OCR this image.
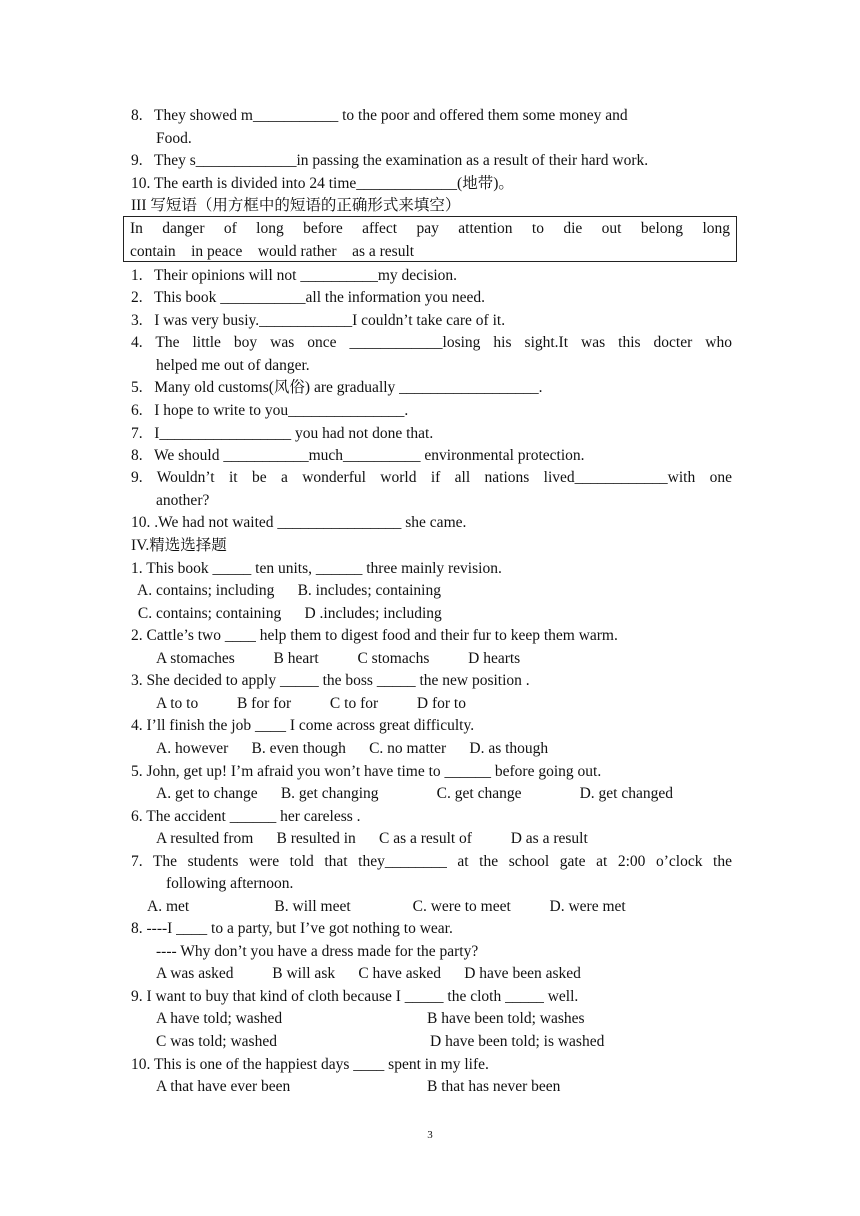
8.   They showed m___________ to the poor and offered them some money and
Food.
9.   They s_____________in passing the examination as a result of their hard work.
10. The earth is divided into 24 time_____________(地带)。
III 写短语（用方框中的短语的正确形式来填空）
1.   Their opinions will not __________my decision.
2.   This book ___________all the information you need.
3.   I was very busiy.____________I couldn’t take care of it.
helped me out of danger.
5.   Many old customs(风俗) are gradually __________________.
6.   I hope to write to you_______________.
7.   I_________________ you had not done that.
8.   We should ___________much__________ environmental protection.
another?
10. .We had not waited ________________ she came.
IV.精选选择题
1. This book _____ ten units, ______ three mainly revision.
A. contains; including      B. includes; containing
C. contains; containing      D .includes; including
2. Cattle’s two ____ help them to digest food and their fur to keep them warm.
A stomaches          B heart          C stomachs          D hearts
3. She decided to apply _____ the boss _____ the new position .
A to to          B for for          C to for          D for to
4. I’ll finish the job ____ I come across great difficulty.
A. however      B. even though      C. no matter      D. as though
5. John, get up! I’m afraid you won’t have time to ______ before going out.
A. get to change      B. get changing               C. get change               D. get changed
6. The accident ______ her careless .
A resulted from      B resulted in      C as a result of          D as a result
following afternoon.
A. met                      B. will meet                C. were to meet          D. were met
8. ----I ____ to a party, but I’ve got nothing to wear.
---- Why don’t you have a dress made for the party?
A was asked          B will ask      C have asked      D have been asked
9. I want to buy that kind of cloth because I _____ the cloth _____ well.
A have told; washed	B have been told; washes
C was told; washed	D have been told; is washed
10. This is one of the happiest days ____ spent in my life.
A that have ever been	B that has never been
4. The little boy was once ____________losing his sight.It was this docter who
9. Wouldn’t it be a wonderful world if all nations lived____________with one
7. The students were told that they________ at the school gate at 2:00 o’clock the
In danger of long before affect pay attention to die out belong long
contain    in peace    would rather    as a result
3
